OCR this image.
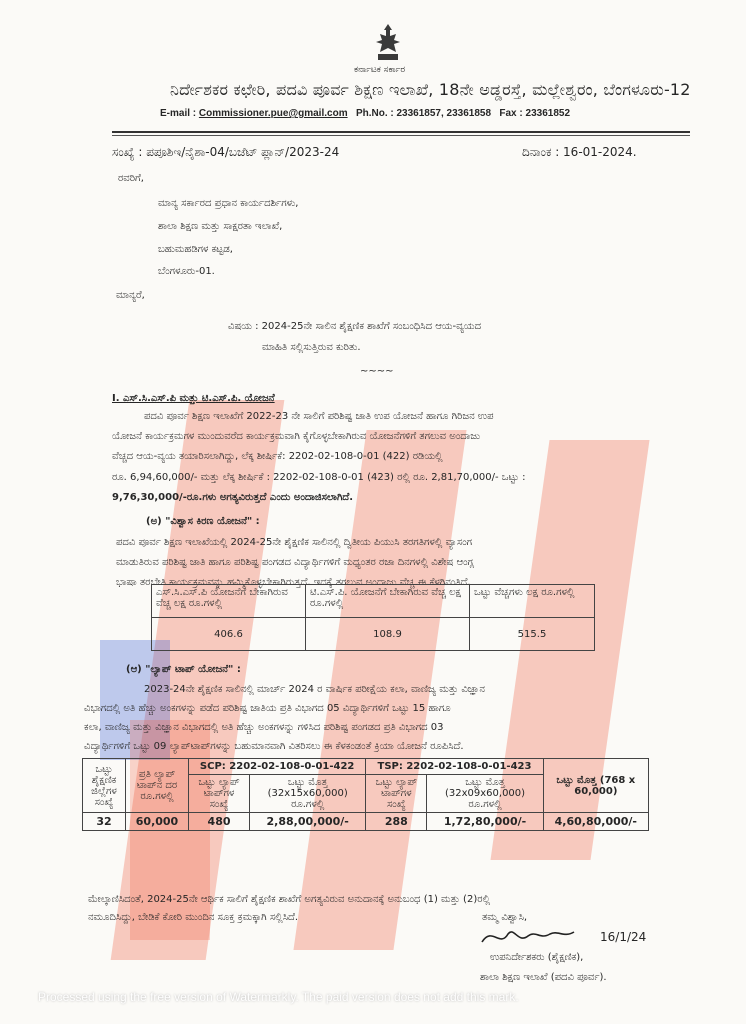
ಕರ್ನಾಟಕ ಸರ್ಕಾರ
ನಿರ್ದೇಶಕರ ಕಛೇರಿ, ಪದವಿ ಪೂರ್ವ ಶಿಕ್ಷಣ ಇಲಾಖೆ, 18ನೇ ಅಡ್ಡರಸ್ತೆ, ಮಲ್ಲೇಶ್ವರಂ, ಬೆಂಗಳೂರು-12
E-mail : Commissioner.pue@gmail.com Ph.No. : 23361857, 23361858 Fax : 23361852
ಸಂಖ್ಯೆ : ಪಪೂಶಿಇ/ನೈಶಾ-04/ಬಜೆಟ್ ಪ್ಲಾನ್/2023-24	ದಿನಾಂಕ : 16-01-2024.
ರವರಿಗೆ,
ಮಾನ್ಯ ಸರ್ಕಾರದ ಪ್ರಧಾನ ಕಾರ್ಯದರ್ಶಿಗಳು,
ಶಾಲಾ ಶಿಕ್ಷಣ ಮತ್ತು ಸಾಕ್ಷರತಾ ಇಲಾಖೆ,
ಬಹುಮಹಡಿಗಳ ಕಟ್ಟಡ,
ಬೆಂಗಳೂರು-01.
ಮಾನ್ಯರೆ,
ವಿಷಯ : 2024-25ನೇ ಸಾಲಿನ ಶೈಕ್ಷಣಿಕ ಶಾಖೆಗೆ ಸಂಬಂಧಿಸಿದ ಆಯ-ವ್ಯಯದ
ಮಾಹಿತಿ ಸಲ್ಲಿಸುತ್ತಿರುವ ಕುರಿತು.
~~~~
I. ಎಸ್.ಸಿ.ಎಸ್.ಪಿ ಮತ್ತು ಟಿ.ಎಸ್.ಪಿ. ಯೋಜನೆ
ಪದವಿ ಪೂರ್ವ ಶಿಕ್ಷಣ ಇಲಾಖೆಗೆ 2022-23 ನೇ ಸಾಲಿಗೆ ಪರಿಶಿಷ್ಟ ಜಾತಿ ಉಪ ಯೋಜನೆ ಹಾಗೂ ಗಿರಿಜನ ಉಪ
ಯೋಜನೆ ಕಾರ್ಯಕ್ರಮಗಳ ಮುಂದುವರೆದ ಕಾರ್ಯಕ್ರಮವಾಗಿ ಕೈಗೊಳ್ಳಬೇಕಾಗಿರುವ ಯೋಜನೆಗಳಿಗೆ ತಗಲುವ ಅಂದಾಜು
ವೆಚ್ಚದ ಆಯ-ವ್ಯಯ ತಯಾರಿಸಲಾಗಿದ್ದು, ಲೆಕ್ಕ ಶೀರ್ಷಿಕೆ: 2202-02-108-0-01 (422) ರಡಿಯಲ್ಲಿ
ರೂ. 6,94,60,000/- ಮತ್ತು ಲೆಕ್ಕ ಶೀರ್ಷಿಕೆ : 2202-02-108-0-01 (423) ರಲ್ಲಿ ರೂ. 2,81,70,000/- ಒಟ್ಟು :
9,76,30,000/-ರೂ.ಗಳು ಅಗತ್ಯವಿರುತ್ತದೆ ಎಂದು ಅಂದಾಜಿಸಲಾಗಿದೆ.
(ಅ) "ವಿಶ್ವಾಸ ಕಿರಣ ಯೋಜನೆ" :
ಪದವಿ ಪೂರ್ವ ಶಿಕ್ಷಣ ಇಲಾಖೆಯಲ್ಲಿ 2024-25ನೇ ಶೈಕ್ಷಣಿಕ ಸಾಲಿನಲ್ಲಿ ದ್ವಿತೀಯ ಪಿಯುಸಿ ತರಗತಿಗಳಲ್ಲಿ ವ್ಯಾಸಂಗ
ಮಾಡುತಿರುವ ಪರಿಶಿಷ್ಟ ಜಾತಿ ಹಾಗೂ ಪರಿಶಿಷ್ಟ ಪಂಗಡದ ವಿದ್ಯಾರ್ಥಿಗಳಿಗೆ ಮಧ್ಯಂತರ ರಜಾ ದಿನಗಳಲ್ಲಿ ವಿಶೇಷ ಆಂಗ್ಲ
ಭಾಷಾ ತರಬೇತಿ ಕಾರ್ಯಕ್ರಮವನ್ನು ಹಮ್ಮಿಕೊಳ್ಳಬೇಕಾಗಿರುತ್ತದೆ. ಇದಕ್ಕೆ ತಗಲುವ ಅಂದಾಜು ವೆಚ್ಚ ಈ ಕೆಳಗಿನಂತಿದೆ.
ಎಸ್.ಸಿ.ಎಸ್.ಪಿ ಯೋಜನೆಗೆ ಬೇಕಾಗಿರುವ ವೆಚ್ಚ ಲಕ್ಷ ರೂ.ಗಳಲ್ಲಿ	ಟಿ.ಎಸ್.ಪಿ. ಯೋಜನೆಗೆ ಬೇಕಾಗಿರುವ ವೆಚ್ಚ ಲಕ್ಷ ರೂ.ಗಳಲ್ಲಿ	ಒಟ್ಟು ವೆಚ್ಚಗಳು ಲಕ್ಷ ರೂ.ಗಳಲ್ಲಿ
406.6	108.9	515.5
(ಆ) "ಲ್ಯಾಪ್ ಟಾಪ್ ಯೋಜನೆ" :
2023-24ನೇ ಶೈಕ್ಷಣಿಕ ಸಾಲಿನಲ್ಲಿ ಮಾರ್ಚ್ 2024 ರ ವಾರ್ಷಿಕ ಪರೀಕ್ಷೆಯ ಕಲಾ, ವಾಣಿಜ್ಯ ಮತ್ತು ವಿಜ್ಞಾನ
ವಿಭಾಗದಲ್ಲಿ ಅತಿ ಹೆಚ್ಚು ಅಂಕಗಳನ್ನು ಪಡೆದ ಪರಿಶಿಷ್ಟ ಜಾತಿಯ ಪ್ರತಿ ವಿಭಾಗದ 05 ವಿದ್ಯಾರ್ಥಿಗಳಿಗೆ ಒಟ್ಟು 15 ಹಾಗೂ
ಕಲಾ, ವಾಣಿಜ್ಯ ಮತ್ತು ವಿಜ್ಞಾನ ವಿಭಾಗದಲ್ಲಿ ಅತಿ ಹೆಚ್ಚು ಅಂಕಗಳನ್ನು ಗಳಿಸಿದ ಪರಿಶಿಷ್ಟ ಪಂಗಡದ ಪ್ರತಿ ವಿಭಾಗದ 03
ವಿದ್ಯಾರ್ಥಿಗಳಿಗೆ ಒಟ್ಟು 09 ಲ್ಯಾಪ್‌ಟಾಪ್‌ಗಳನ್ನು ಬಹುಮಾನವಾಗಿ ವಿತರಿಸಲು ಈ ಕೆಳಕಂಡಂತೆ ಕ್ರಿಯಾ ಯೋಜನೆ ರೂಪಿಸಿದೆ.
ಒಟ್ಟು ಶೈಕ್ಷಣಿಕ ಜಿಲ್ಲೆಗಳ ಸಂಖ್ಯೆ	ಪ್ರತಿ ಲ್ಯಾಪ್ ಟಾಪ್‌ನ ದರ ರೂ.ಗಳಲ್ಲಿ	SCP: 2202-02-108-0-01-422		TSP: 2202-02-108-0-01-423		ಒಟ್ಟು ಮೊತ್ತ (768 x 60,000)
		ಒಟ್ಟು ಲ್ಯಾಪ್ ಟಾಪ್‌ಗಳ ಸಂಖ್ಯೆ	ಒಟ್ಟು ಮೊತ್ತ (32x15x60,000) ರೂ.ಗಳಲ್ಲಿ	ಒಟ್ಟು ಲ್ಯಾಪ್ ಟಾಪ್‌ಗಳ ಸಂಖ್ಯೆ	ಒಟ್ಟು ಮೊತ್ತ (32x09x60,000) ರೂ.ಗಳಲ್ಲಿ	
32	60,000	480	2,88,00,000/-	288	1,72,80,000/-	4,60,80,000/-
ಮೇಲ್ಕಾಣಿಸಿದಂತೆ, 2024-25ನೇ ಆರ್ಥಿಕ ಸಾಲಿಗೆ ಶೈಕ್ಷಣಿಕ ಶಾಖೆಗೆ ಅಗತ್ಯವಿರುವ ಅನುದಾನಕ್ಕೆ ಅನುಬಂಧ (1) ಮತ್ತು (2)ರಲ್ಲಿ
ನಮೂದಿಸಿದ್ದು, ಬೇಡಿಕೆ ಕೋರಿ ಮುಂದಿನ ಸೂಕ್ತ ಕ್ರಮಕ್ಕಾಗಿ ಸಲ್ಲಿಸಿದೆ.	ತಮ್ಮ ವಿಶ್ವಾಸಿ,
16/1/24
ಉಪನಿರ್ದೇಶಕರು (ಶೈಕ್ಷಣಿಕ),
ಶಾಲಾ ಶಿಕ್ಷಣ ಇಲಾಖೆ (ಪದವಿ ಪೂರ್ವ).
Processed using the free version of Watermarkly. The paid version does not add this mark.
